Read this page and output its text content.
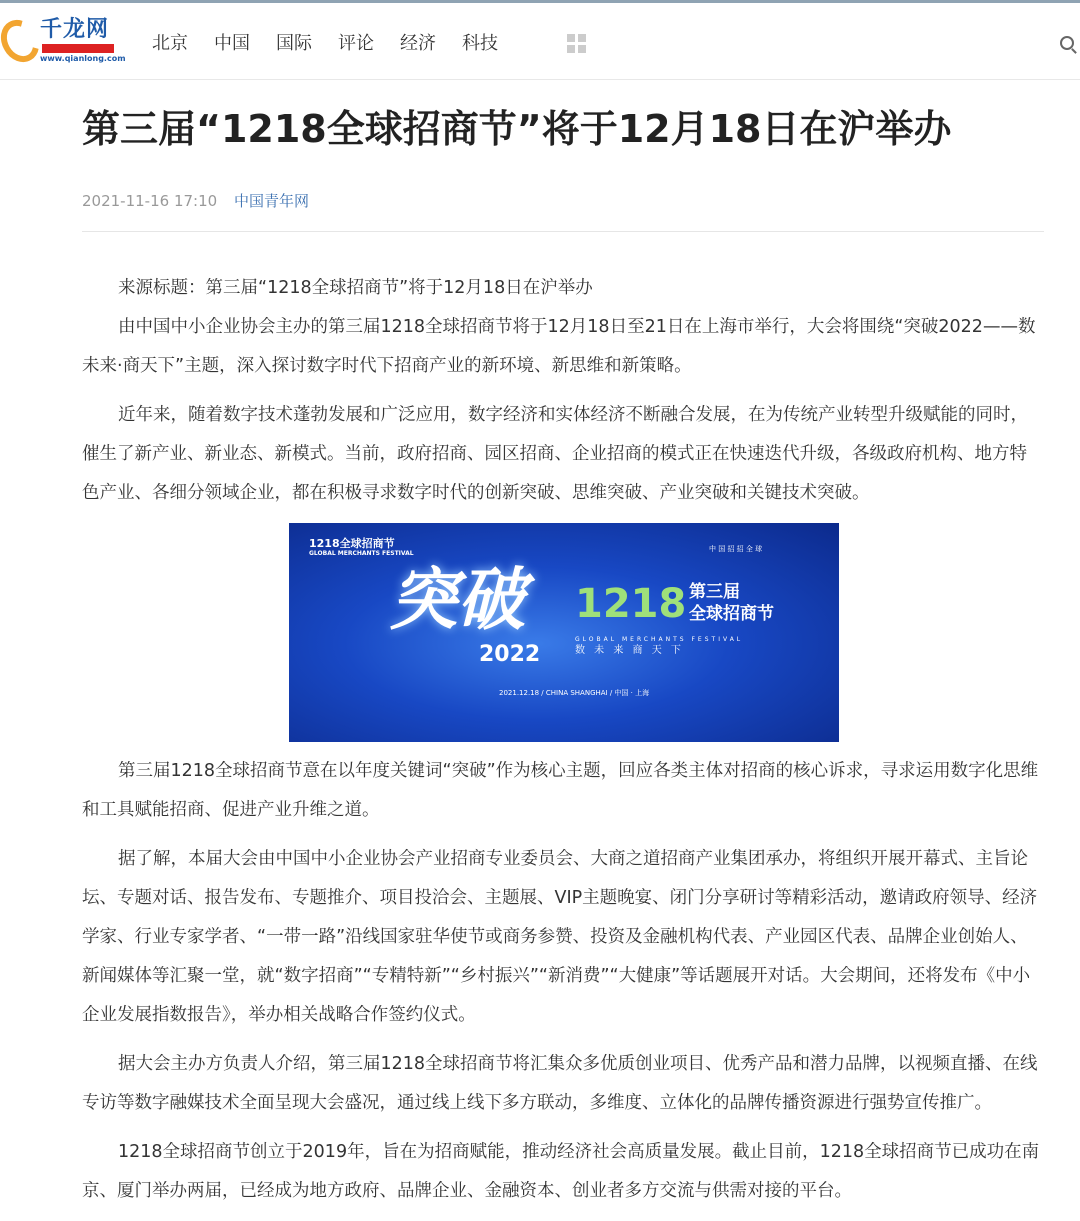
千龙网
www.qianlong.com
北京 中国 国际 评论 经济 科技
第三届“1218全球招商节”将于12月18日在沪举办
2021-11-16 17:10 中国青年网

来源标题：第三届“1218全球招商节”将于12月18日在沪举办

由中国中小企业协会主办的第三届1218全球招商节将于12月18日至21日在上海市举行，大会将围绕“突破2022——数未来·商天下”主题，深入探讨数字时代下招商产业的新环境、新思维和新策略。

近年来，随着数字技术蓬勃发展和广泛应用，数字经济和实体经济不断融合发展，在为传统产业转型升级赋能的同时，催生了新产业、新业态、新模式。当前，政府招商、园区招商、企业招商的模式正在快速迭代升级，各级政府机构、地方特色产业、各细分领域企业，都在积极寻求数字时代的创新突破、思维突破、产业突破和关键技术突破。

1218全球招商节
GLOBAL MERCHANTS FESTIVAL
中 国 招 招 全 球
突破
2022
1218 第三届
全球招商节
GLOBAL MERCHANTS FESTIVAL
数 未 来 商 天 下
2021.12.18 / CHINA SHANGHAI / 中国 · 上海

第三届1218全球招商节意在以年度关键词“突破”作为核心主题，回应各类主体对招商的核心诉求，寻求运用数字化思维和工具赋能招商、促进产业升维之道。

据了解，本届大会由中国中小企业协会产业招商专业委员会、大商之道招商产业集团承办，将组织开展开幕式、主旨论坛、专题对话、报告发布、专题推介、项目投洽会、主题展、VIP主题晚宴、闭门分享研讨等精彩活动，邀请政府领导、经济学家、行业专家学者、“一带一路”沿线国家驻华使节或商务参赞、投资及金融机构代表、产业园区代表、品牌企业创始人、新闻媒体等汇聚一堂，就“数字招商”“专精特新”“乡村振兴”“新消费”“大健康”等话题展开对话。大会期间，还将发布《中小企业发展指数报告》，举办相关战略合作签约仪式。

据大会主办方负责人介绍，第三届1218全球招商节将汇集众多优质创业项目、优秀产品和潜力品牌，以视频直播、在线专访等数字融媒技术全面呈现大会盛况，通过线上线下多方联动，多维度、立体化的品牌传播资源进行强势宣传推广。

1218全球招商节创立于2019年，旨在为招商赋能，推动经济社会高质量发展。截止目前，1218全球招商节已成功在南京、厦门举办两届，已经成为地方政府、品牌企业、金融资本、创业者多方交流与供需对接的平台。
